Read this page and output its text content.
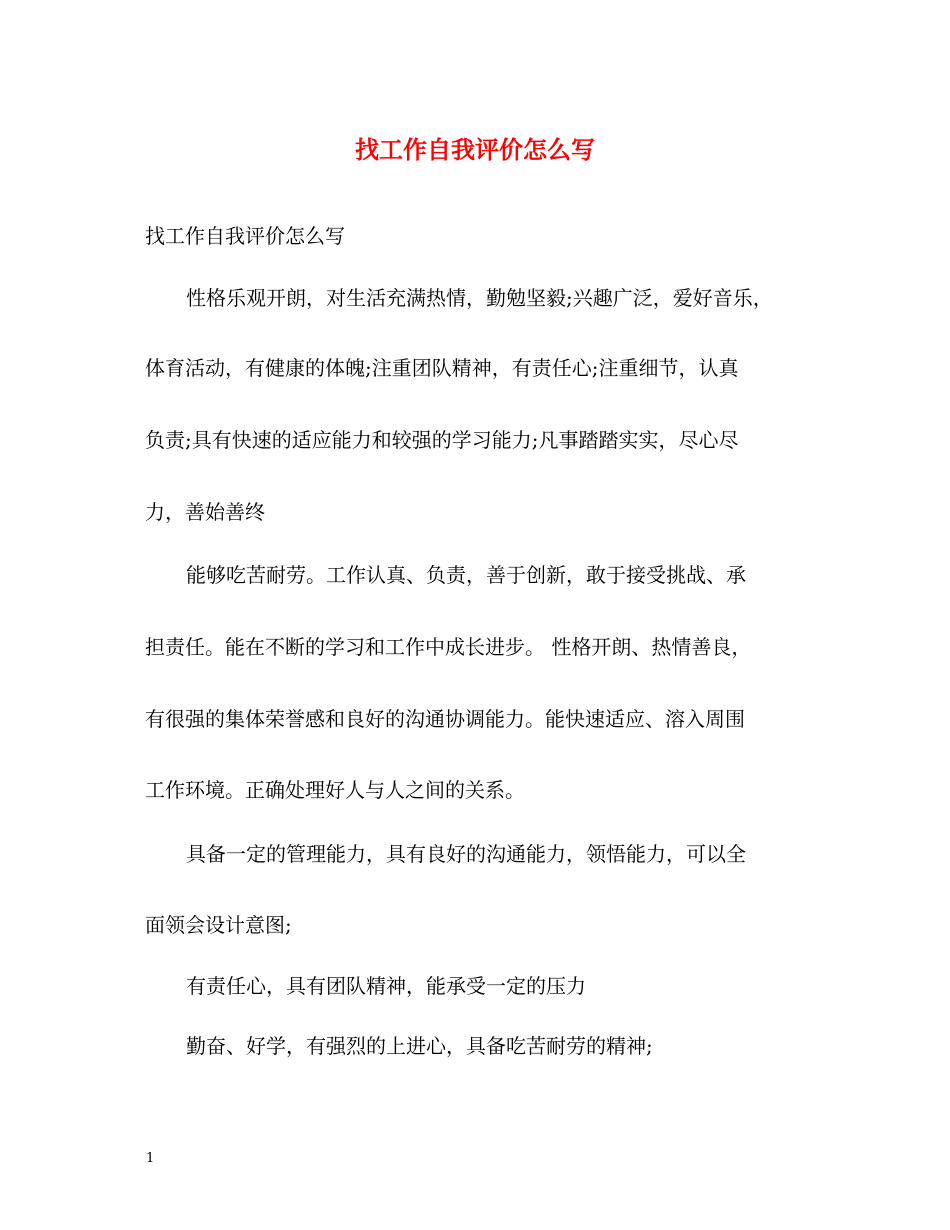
找工作自我评价怎么写
找工作自我评价怎么写
性格乐观开朗，对生活充满热情，勤勉坚毅;兴趣广泛，爱好音乐，
体育活动，有健康的体魄;注重团队精神，有责任心;注重细节，认真
负责;具有快速的适应能力和较强的学习能力;凡事踏踏实实，尽心尽
力，善始善终
能够吃苦耐劳。工作认真、负责，善于创新，敢于接受挑战、承
担责任。能在不断的学习和工作中成长进步。 性格开朗、热情善良，
有很强的集体荣誉感和良好的沟通协调能力。能快速适应、溶入周围
工作环境。正确处理好人与人之间的关系。
具备一定的管理能力，具有良好的沟通能力，领悟能力，可以全
面领会设计意图;
有责任心，具有团队精神，能承受一定的压力
勤奋、好学，有强烈的上进心，具备吃苦耐劳的精神;
1
